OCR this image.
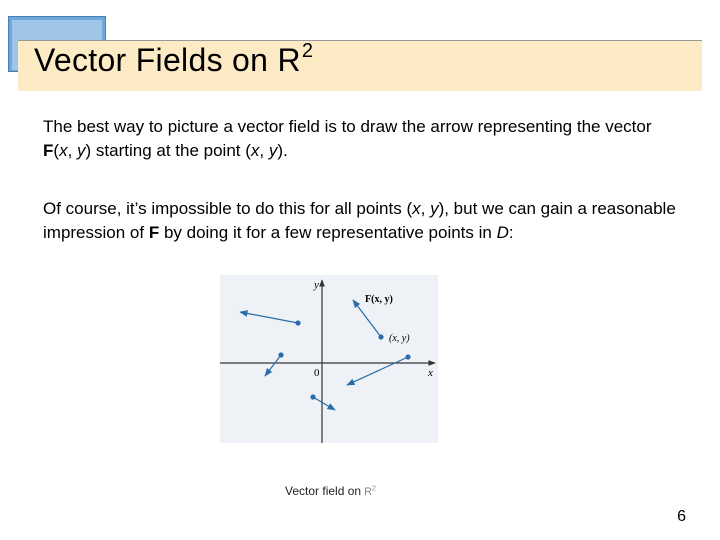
Vector Fields on $R^2$

The best way to picture a vector field is to draw the arrow representing the vector F(x, y) starting at the point (x, y).

Of course, it’s impossible to do this for all points (x, y), but we can gain a reasonable impression of F by doing it for a few representative points in D:

y
x
0
F(x, y)
(x, y)

Vector field on $R^2$

6
